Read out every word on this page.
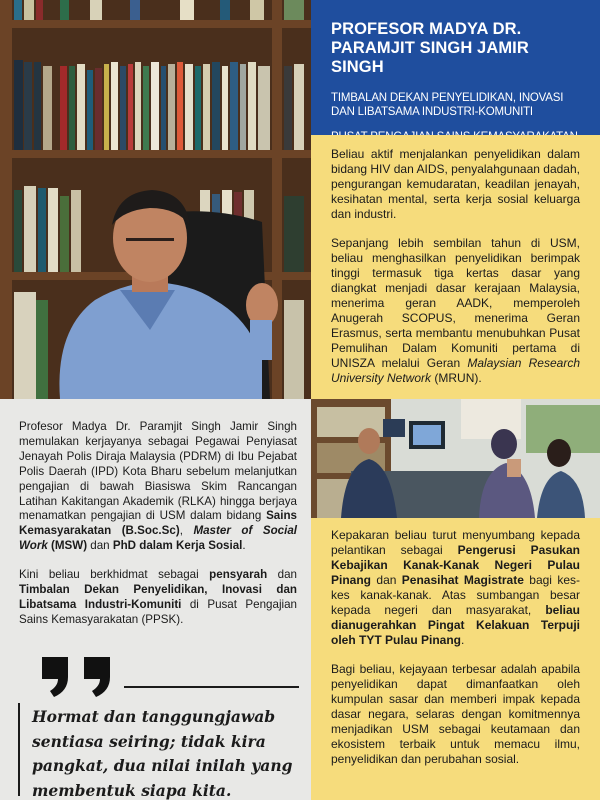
PROFESOR MADYA DR. PARAMJIT SINGH JAMIR SINGH
TIMBALAN DEKAN PENYELIDIKAN, INOVASI DAN LIBATSAMA INDUSTRI-KOMUNITI

Beliau aktif menjalankan penyelidikan dalam bidang HIV dan AIDS, penyalahgunaan dadah, pengurangan kemudaratan, keadilan jenayah, kesihatan mental, serta kerja sosial keluarga dan industri.

Sepanjang lebih sembilan tahun di USM, beliau menghasilkan penyelidikan berimpak tinggi termasuk tiga kertas dasar yang diangkat menjadi dasar kerajaan Malaysia, menerima geran AADK, memperoleh Anugerah SCOPUS, menerima Geran Erasmus, serta membantu menubuhkan Pusat Pemulihan Dalam Komuniti pertama di UNISZA melalui Geran Malaysian Research University Network (MRUN).

Profesor Madya Dr. Paramjit Singh Jamir Singh memulakan kerjayanya sebagai Pegawai Penyiasat Jenayah Polis Diraja Malaysia (PDRM) di Ibu Pejabat Polis Daerah (IPD) Kota Bharu sebelum melanjutkan pengajian di bawah Biasiswa Skim Rancangan Latihan Kakitangan Akademik (RLKA) hingga berjaya menamatkan pengajian di USM dalam bidang Sains Kemasyarakatan (B.Soc.Sc), Master of Social Work (MSW) dan PhD dalam Kerja Sosial.

Kini beliau berkhidmat sebagai pensyarah dan Timbalan Dekan Penyelidikan, Inovasi dan Libatsama Industri-Komuniti di Pusat Pengajian Sains Kemasyarakatan (PPSK).

Hormat dan tanggungjawab sentiasa seiring; tidak kira pangkat, dua nilai inilah yang membentuk siapa kita.

Kepakaran beliau turut menyumbang kepada pelantikan sebagai Pengerusi Pasukan Kebajikan Kanak-Kanak Negeri Pulau Pinang dan Penasihat Magistrate bagi kes-kes kanak-kanak. Atas sumbangan besar kepada negeri dan masyarakat, beliau dianugerahkan Pingat Kelakuan Terpuji oleh TYT Pulau Pinang.

Bagi beliau, kejayaan terbesar adalah apabila penyelidikan dapat dimanfaatkan oleh kumpulan sasar dan memberi impak kepada dasar negara, selaras dengan komitmennya menjadikan USM sebagai keutamaan dan ekosistem terbaik untuk memacu ilmu, penyelidikan dan perubahan sosial.
